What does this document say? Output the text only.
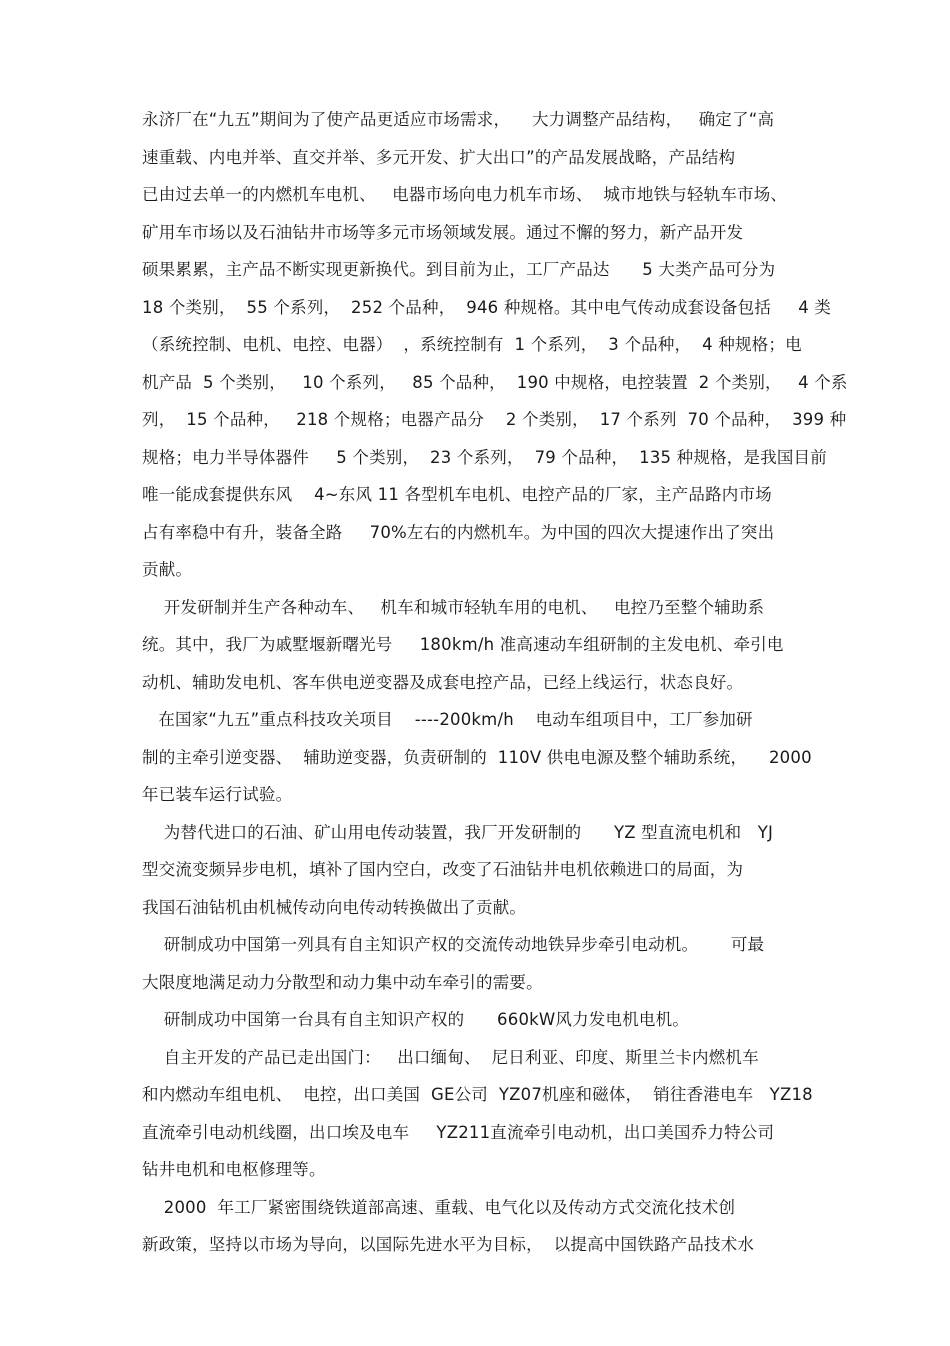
永济厂在“九五”期间为了使产品更适应市场需求，    大力调整产品结构，   确定了“高
速重载、内电并举、直交并举、多元开发、扩大出口”的产品发展战略，产品结构
已由过去单一的内燃机车电机、   电器市场向电力机车市场、  城市地铁与轻轨车市场、
矿用车市场以及石油钻井市场等多元市场领域发展。通过不懈的努力，新产品开发
硕果累累，主产品不断实现更新换代。到目前为止，工厂产品达      5 大类产品可分为
18 个类别，  55 个系列，  252 个品种，  946 种规格。其中电气传动成套设备包括     4 类
（系统控制、电机、电控、电器）  ，系统控制有  1 个系列，  3 个品种，  4 种规格；电
机产品  5 个类别，   10 个系列，   85 个品种，  190 中规格，电控装置  2 个类别，   4 个系
列，  15 个品种，   218 个规格；电器产品分    2 个类别，  17 个系列  70 个品种，  399 种
规格；电力半导体器件     5 个类别，  23 个系列，  79 个品种，  135 种规格，是我国目前
唯一能成套提供东风    4~东风 11 各型机车电机、电控产品的厂家，主产品路内市场
占有率稳中有升，装备全路     70%左右的内燃机车。为中国的四次大提速作出了突出
贡献。
开发研制并生产各种动车、   机车和城市轻轨车用的电机、   电控乃至整个辅助系
统。其中，我厂为戚墅堰新曙光号     180km/h 准高速动车组研制的主发电机、牵引电
动机、辅助发电机、客车供电逆变器及成套电控产品，已经上线运行，状态良好。
在国家“九五”重点科技攻关项目    ----200km/h    电动车组项目中，工厂参加研
制的主牵引逆变器、  辅助逆变器，负责研制的  110V 供电电源及整个辅助系统，    2000
年已装车运行试验。
为替代进口的石油、矿山用电传动装置，我厂开发研制的      YZ 型直流电机和   YJ
型交流变频异步电机，填补了国内空白，改变了石油钻井电机依赖进口的局面，为
我国石油钻机由机械传动向电传动转换做出了贡献。
研制成功中国第一列具有自主知识产权的交流传动地铁异步牵引电动机。      可最
大限度地满足动力分散型和动力集中动车牵引的需要。
研制成功中国第一台具有自主知识产权的      660kW风力发电机电机。
自主开发的产品已走出国门：   出口缅甸、  尼日利亚、印度、斯里兰卡内燃机车
和内燃动车组电机、  电控，出口美国  GE公司  YZ07机座和磁体，  销往香港电车   YZ18
直流牵引电动机线圈，出口埃及电车     YZ211直流牵引电动机，出口美国乔力特公司
钻井电机和电枢修理等。
2000  年工厂紧密围绕铁道部高速、重载、电气化以及传动方式交流化技术创
新政策，坚持以市场为导向，以国际先进水平为目标，  以提高中国铁路产品技术水
